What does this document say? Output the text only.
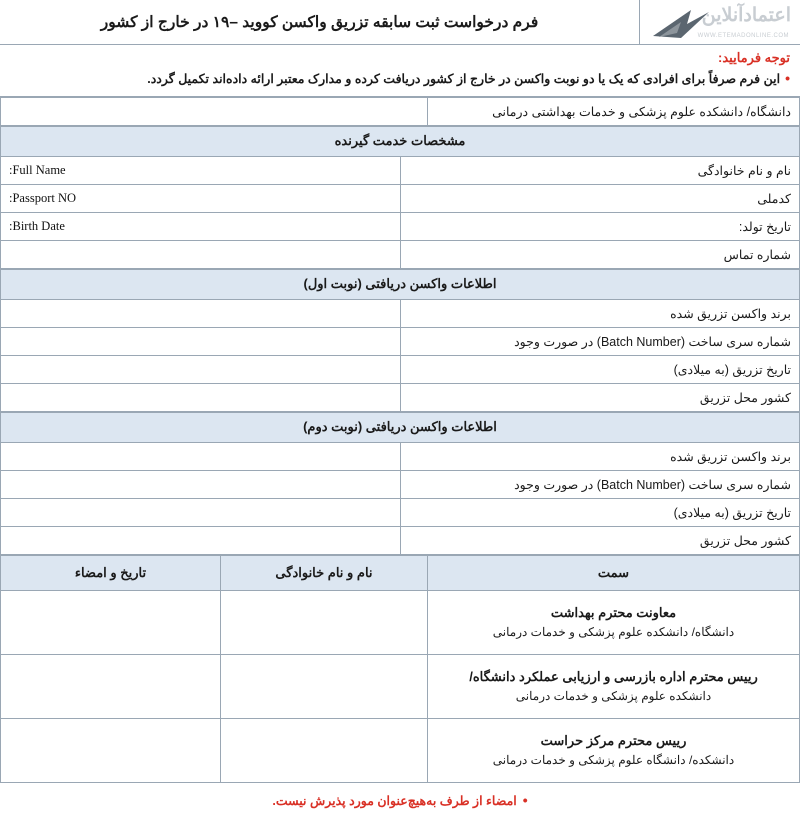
اعتمادآنلاین
WWW.ETEMADONLINE.COM
فرم درخواست ثبت سابقه تزریق واکسن کووید –۱۹ در خارج از کشور
توجه فرمایید:
•
این فرم صرفاً برای افرادی که یک یا دو نوبت واکسن در خارج از کشور دریافت کرده و مدارک معتبر ارائه داده‌اند تکمیل گردد.
دانشگاه/ دانشکده علوم پزشکی و خدمات بهداشتی درمانی	
مشخصات خدمت گیرنده	
نام و نام خانوادگی	Full Name:
کدملی	Passport NO:
تاریخ تولد:	Birth Date:
شماره تماس	
اطلاعات واکسن دریافتی (نوبت اول)	
برند واکسن تزریق شده	
شماره سری ساخت (Batch Number) در صورت وجود	
تاریخ تزریق (به میلادی)	
کشور محل تزریق	
اطلاعات واکسن دریافتی (نوبت دوم)	
برند واکسن تزریق شده	
شماره سری ساخت (Batch Number) در صورت وجود	
تاریخ تزریق (به میلادی)	
کشور محل تزریق	
سمت	نام و نام خانوادگی	تاریخ و امضاء

معاونت محترم بهداشت
دانشگاه/ دانشکده علوم پزشکی و خدمات درمانی		

رییس محترم اداره بازرسی و ارزیابی عملکرد دانشگاه/
دانشکده علوم پزشکی و خدمات درمانی		

رییس محترم مرکز حراست
دانشکده/ دانشگاه علوم پزشکی و خدمات درمانی		

•
امضاء از طرف به‌هیچ‌عنوان مورد پذیرش نیست.
